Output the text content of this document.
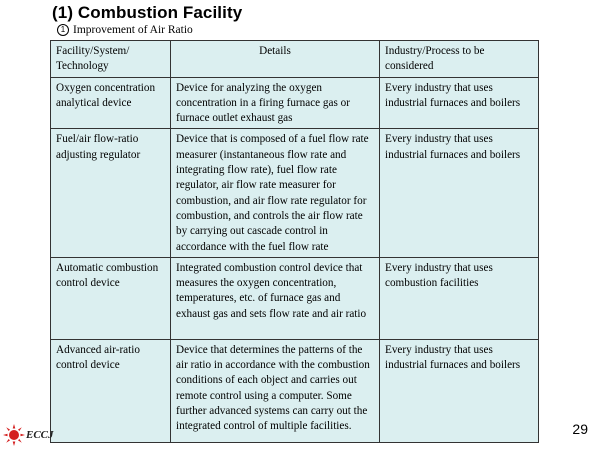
(1) Combustion Facility
1 Improvement of Air Ratio
Facility/System/ Technology	Details	Industry/Process to be considered
Oxygen concentration analytical device	Device for analyzing the oxygen concentration in a firing furnace gas or furnace outlet exhaust gas	Every industry that uses industrial furnaces and boilers
Fuel/air flow-ratio adjusting regulator	Device that is composed of a fuel flow rate measurer (instantaneous flow rate and integrating flow rate), fuel flow rate regulator, air flow rate measurer for combustion, and air flow rate regulator for combustion, and controls the air flow rate by carrying out cascade control in accordance with the fuel flow rate	Every industry that uses industrial furnaces and boilers
Automatic combustion control device	Integrated combustion control device that measures the oxygen concentration, temperatures, etc. of furnace gas and exhaust gas and sets flow rate and air ratio	Every industry that uses combustion facilities
Advanced air-ratio control device	Device that determines the patterns of the air ratio in accordance with the combustion conditions of each object and carries out remote control using a computer. Some further advanced systems can carry out the integrated control of multiple facilities.	Every industry that uses industrial furnaces and boilers
ECCJ	29
